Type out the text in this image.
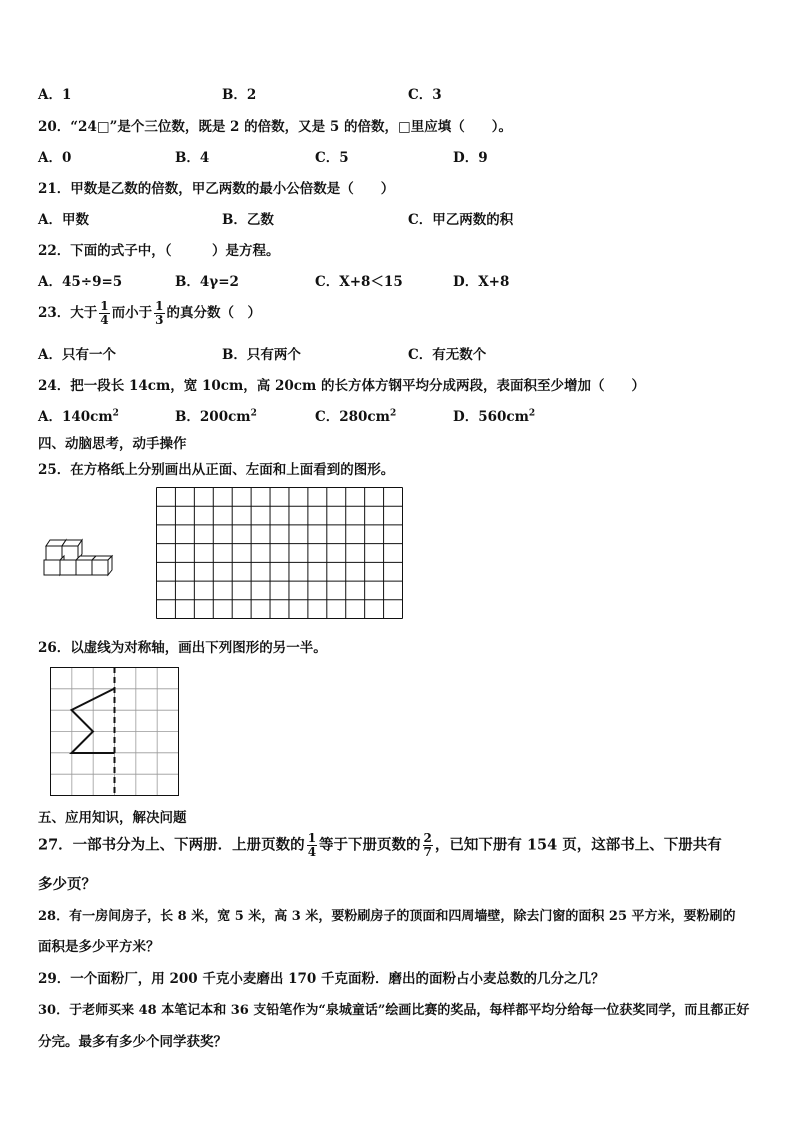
A．1	B．2	C．3
20．“24□”是个三位数，既是 2 的倍数，又是 5 的倍数，□里应填（　　）。
A．0	B．4	C．5	D．9
21．甲数是乙数的倍数，甲乙两数的最小公倍数是（　　）
A．甲数	B．乙数	C．甲乙两数的积
22．下面的式子中，（　　　）是方程。
A．45÷9=5	B．4γ=2	C．X+8＜15	D．X+8
23．大于 $\frac{1}{4}$ 而小于 $\frac{1}{3}$ 的真分数（　）
A．只有一个	B．只有两个	C．有无数个
24．把一段长 14cm，宽 10cm，高 20cm 的长方体方钢平均分成两段，表面积至少增加（　　）
A．$140cm^2$	B．$200cm^2$	C．$280cm^2$	D．$560cm^2$
四、动脑思考，动手操作
25．在方格纸上分别画出从正面、左面和上面看到的图形。
26．以虚线为对称轴，画出下列图形的另一半。
五、应用知识，解决问题
27．一部书分为上、下两册．上册页数的 $\frac{1}{4}$ 等于下册页数的 $\frac{2}{7}$ ，已知下册有 154 页，这部书上、下册共有
多少页？
28．有一房间房子，长 8 米，宽 5 米，高 3 米，要粉刷房子的顶面和四周墙壁，除去门窗的面积 25 平方米，要粉刷的
面积是多少平方米？
29．一个面粉厂，用 200 千克小麦磨出 170 千克面粉．磨出的面粉占小麦总数的几分之几？
30．于老师买来 48 本笔记本和 36 支铅笔作为“泉城童话”绘画比赛的奖品，每样都平均分给每一位获奖同学，而且都正好
分完。最多有多少个同学获奖？
